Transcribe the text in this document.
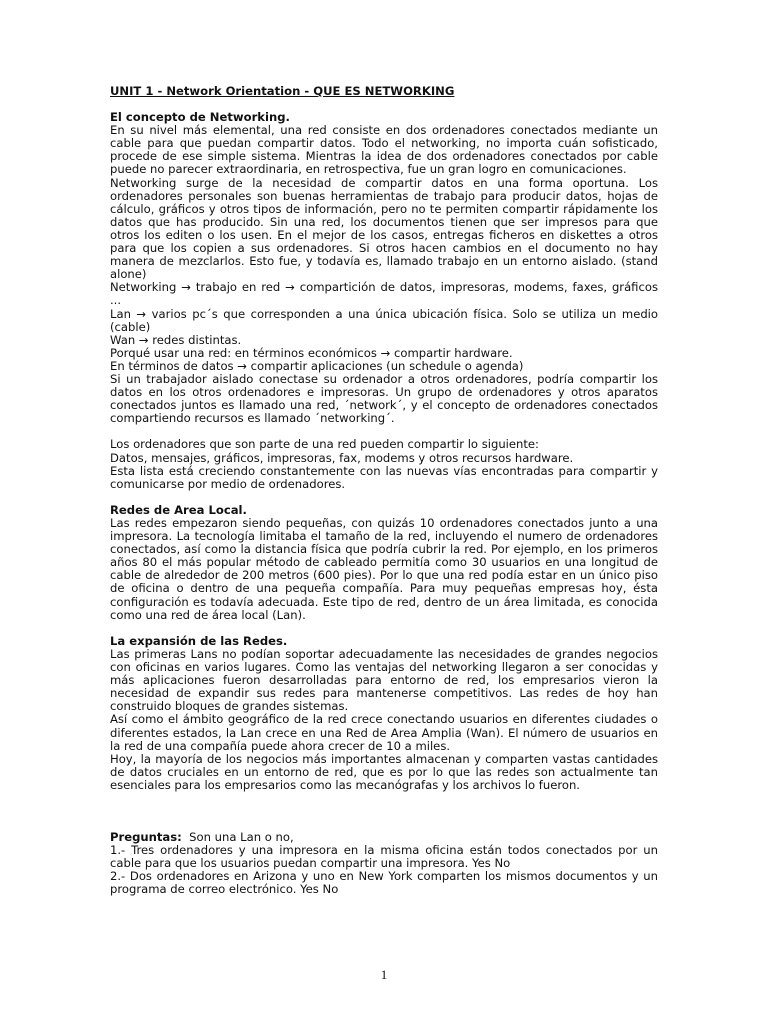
UNIT 1 - Network Orientation - QUE ES NETWORKING
El concepto de Networking.

En su nivel más elemental, una red consiste en dos ordenadores conectados mediante un cable para que puedan compartir datos. Todo el networking, no importa cuán sofisticado, procede de ese simple sistema. Mientras la idea de dos ordenadores conectados por cable puede no parecer extraordinaria, en retrospectiva, fue un gran logro en comunicaciones.

Networking surge de la necesidad de compartir datos en una forma oportuna. Los ordenadores personales son buenas herramientas de trabajo para producir datos, hojas de cálculo, gráficos y otros tipos de información, pero no te permiten compartir rápidamente los datos que has producido. Sin una red, los documentos tienen que ser impresos para que otros los editen o los usen. En el mejor de los casos, entregas ficheros en diskettes a otros para que los copien a sus ordenadores. Si otros hacen cambios en el documento no hay manera de mezclarlos. Esto fue, y todavía es, llamado trabajo en un entorno aislado. (stand alone)

Networking → trabajo en red → compartición de datos, impresoras, modems, faxes, gráficos ...

Lan → varios pc´s que corresponden a una única ubicación física. Solo se utiliza un medio (cable)

Wan → redes distintas.

Porqué usar una red: en términos económicos → compartir hardware.

En términos de datos → compartir aplicaciones (un schedule o agenda)

Si un trabajador aislado conectase su ordenador a otros ordenadores, podría compartir los datos en los otros ordenadores e impresoras. Un grupo de ordenadores y otros aparatos conectados juntos es llamado una red, ´network´, y el concepto de ordenadores conectados compartiendo recursos es llamado ´networking´.

Los ordenadores que son parte de una red pueden compartir lo siguiente:

Datos, mensajes, gráficos, impresoras, fax, modems y otros recursos hardware.

Esta lista está creciendo constantemente con las nuevas vías encontradas para compartir y comunicarse por medio de ordenadores.

Redes de Area Local.

Las redes empezaron siendo pequeñas, con quizás 10 ordenadores conectados junto a una impresora. La tecnología limitaba el tamaño de la red, incluyendo el numero de ordenadores conectados, así como la distancia física que podría cubrir la red. Por ejemplo, en los primeros años 80 el más popular método de cableado permitía como 30 usuarios en una longitud de cable de alrededor de 200 metros (600 pies). Por lo que una red podía estar en un único piso de oficina o dentro de una pequeña compañía. Para muy pequeñas empresas hoy, ésta configuración es todavía adecuada. Este tipo de red, dentro de un área limitada, es conocida como una red de área local (Lan).

La expansión de las Redes.

Las primeras Lans no podían soportar adecuadamente las necesidades de grandes negocios con oficinas en varios lugares. Como las ventajas del networking llegaron a ser conocidas y más aplicaciones fueron desarrolladas para entorno de red, los empresarios vieron la necesidad de expandir sus redes para mantenerse competitivos. Las redes de hoy han construido bloques de grandes sistemas.

Así como el ámbito geográfico de la red crece conectando usuarios en diferentes ciudades o diferentes estados, la Lan crece en una Red de Area Amplia (Wan). El número de usuarios en la red de una compañía puede ahora crecer de 10 a miles.

Hoy, la mayoría de los negocios más importantes almacenan y comparten vastas cantidades de datos cruciales en un entorno de red, que es por lo que las redes son actualmente tan esenciales para los empresarios como las mecanógrafas y los archivos lo fueron.

Preguntas:  Son una Lan o no,

1.- Tres ordenadores y una impresora en la misma oficina están todos conectados por un cable para que los usuarios puedan compartir una impresora. Yes No

2.- Dos ordenadores en Arizona y uno en New York comparten los mismos documentos y un programa de correo electrónico. Yes No

1
